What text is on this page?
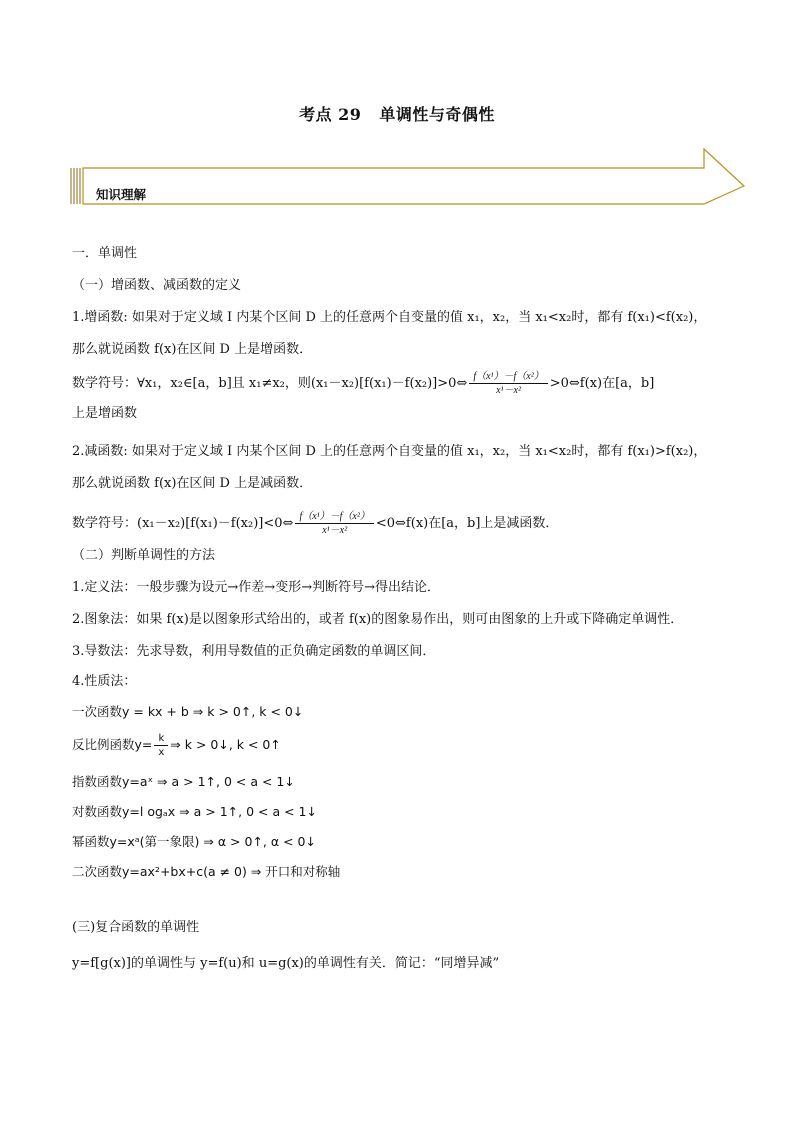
考点 29 单调性与奇偶性
知识理解
一．单调性
（一）增函数、减函数的定义
1.增函数: 如果对于定义域 I 内某个区间 D 上的任意两个自变量的值 x₁，x₂，当 x₁<x₂时，都有 f(x₁)<f(x₂)，
那么就说函数 f(x)在区间 D 上是增函数．
数学符号：∀x₁，x₂∈[a，b]且 x₁≠x₂，则(x₁－x₂)[f(x₁)－f(x₂)]>0⇔ $\frac{\text{f（x¹）－f（x²）}}{\text{x¹－x²}}$ >0⇔f(x)在[a，b]
上是增函数
2.减函数: 如果对于定义域 I 内某个区间 D 上的任意两个自变量的值 x₁，x₂，当 x₁<x₂时，都有 f(x₁)>f(x₂)，
那么就说函数 f(x)在区间 D 上是减函数．
数学符号：(x₁－x₂)[f(x₁)－f(x₂)]<0⇔ $\frac{\text{f（x¹）－f（x²）}}{\text{x¹－x²}}$ <0⇔f(x)在[a，b]上是减函数．
（二）判断单调性的方法
1.定义法：一般步骤为设元→作差→变形→判断符号→得出结论．
2.图象法：如果 f(x)是以图象形式给出的，或者 f(x)的图象易作出，则可由图象的上升或下降确定单调性．
3.导数法：先求导数，利用导数值的正负确定函数的单调区间．
4.性质法：
一次函数y = kx + b ⇒ k > 0↑, k < 0↓
反比例函数$y= \frac{k}{x}$ ⇒ k > 0↓, k < 0↑
指数函数y=aˣ ⇒ a > 1↑, 0 < a < 1↓
对数函数y=l ogₐx ⇒ a > 1↑, 0 < a < 1↓
幂函数y=xᵃ(第一象限) ⇒ α > 0↑, α < 0↓
二次函数y=ax²+bx+c(a ≠ 0) ⇒ 开口和对称轴
(三)复合函数的单调性
y=f[g(x)]的单调性与 y=f(u)和 u=g(x)的单调性有关．简记：“同增异减”
